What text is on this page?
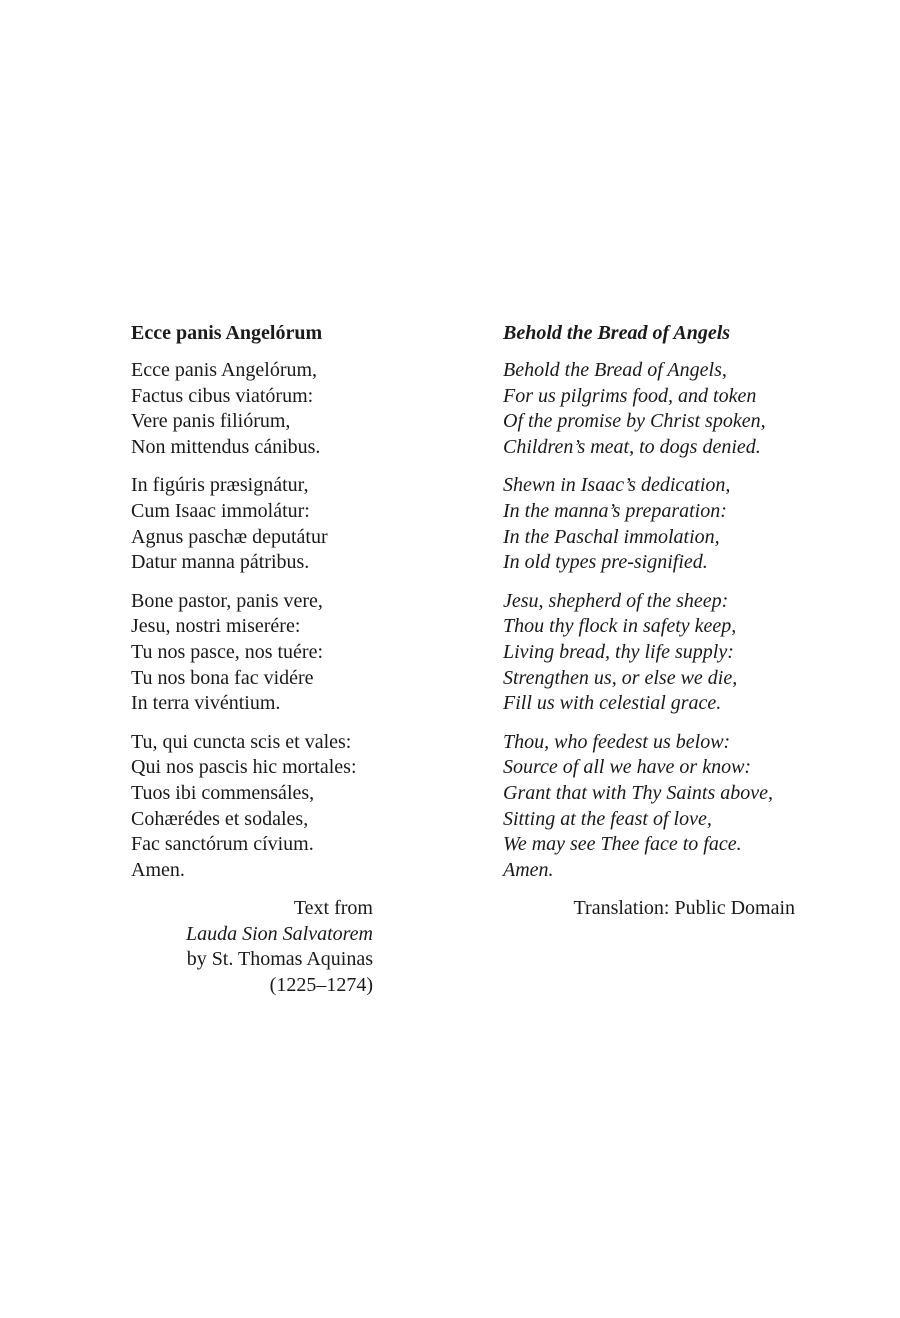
Ecce panis Angelórum
Ecce panis Angelórum,
Factus cibus viatórum:
Vere panis filiórum,
Non mittendus cánibus.
In figúris præsignátur,
Cum Isaac immolátur:
Agnus paschæ deputátur
Datur manna pátribus.
Bone pastor, panis vere,
Jesu, nostri miserére:
Tu nos pasce, nos tuére:
Tu nos bona fac vidére
In terra vivéntium.
Tu, qui cuncta scis et vales:
Qui nos pascis hic mortales:
Tuos ibi commensáles,
Cohærédes et sodales,
Fac sanctórum cívium.
Amen.
Text from
Lauda Sion Salvatorem
by St. Thomas Aquinas
(1225–1274)
Behold the Bread of Angels
Behold the Bread of Angels,
For us pilgrims food, and token
Of the promise by Christ spoken,
Children’s meat, to dogs denied.
Shewn in Isaac’s dedication,
In the manna’s preparation:
In the Paschal immolation,
In old types pre-signified.
Jesu, shepherd of the sheep:
Thou thy flock in safety keep,
Living bread, thy life supply:
Strengthen us, or else we die,
Fill us with celestial grace.
Thou, who feedest us below:
Source of all we have or know:
Grant that with Thy Saints above,
Sitting at the feast of love,
We may see Thee face to face.
Amen.
Translation: Public Domain
